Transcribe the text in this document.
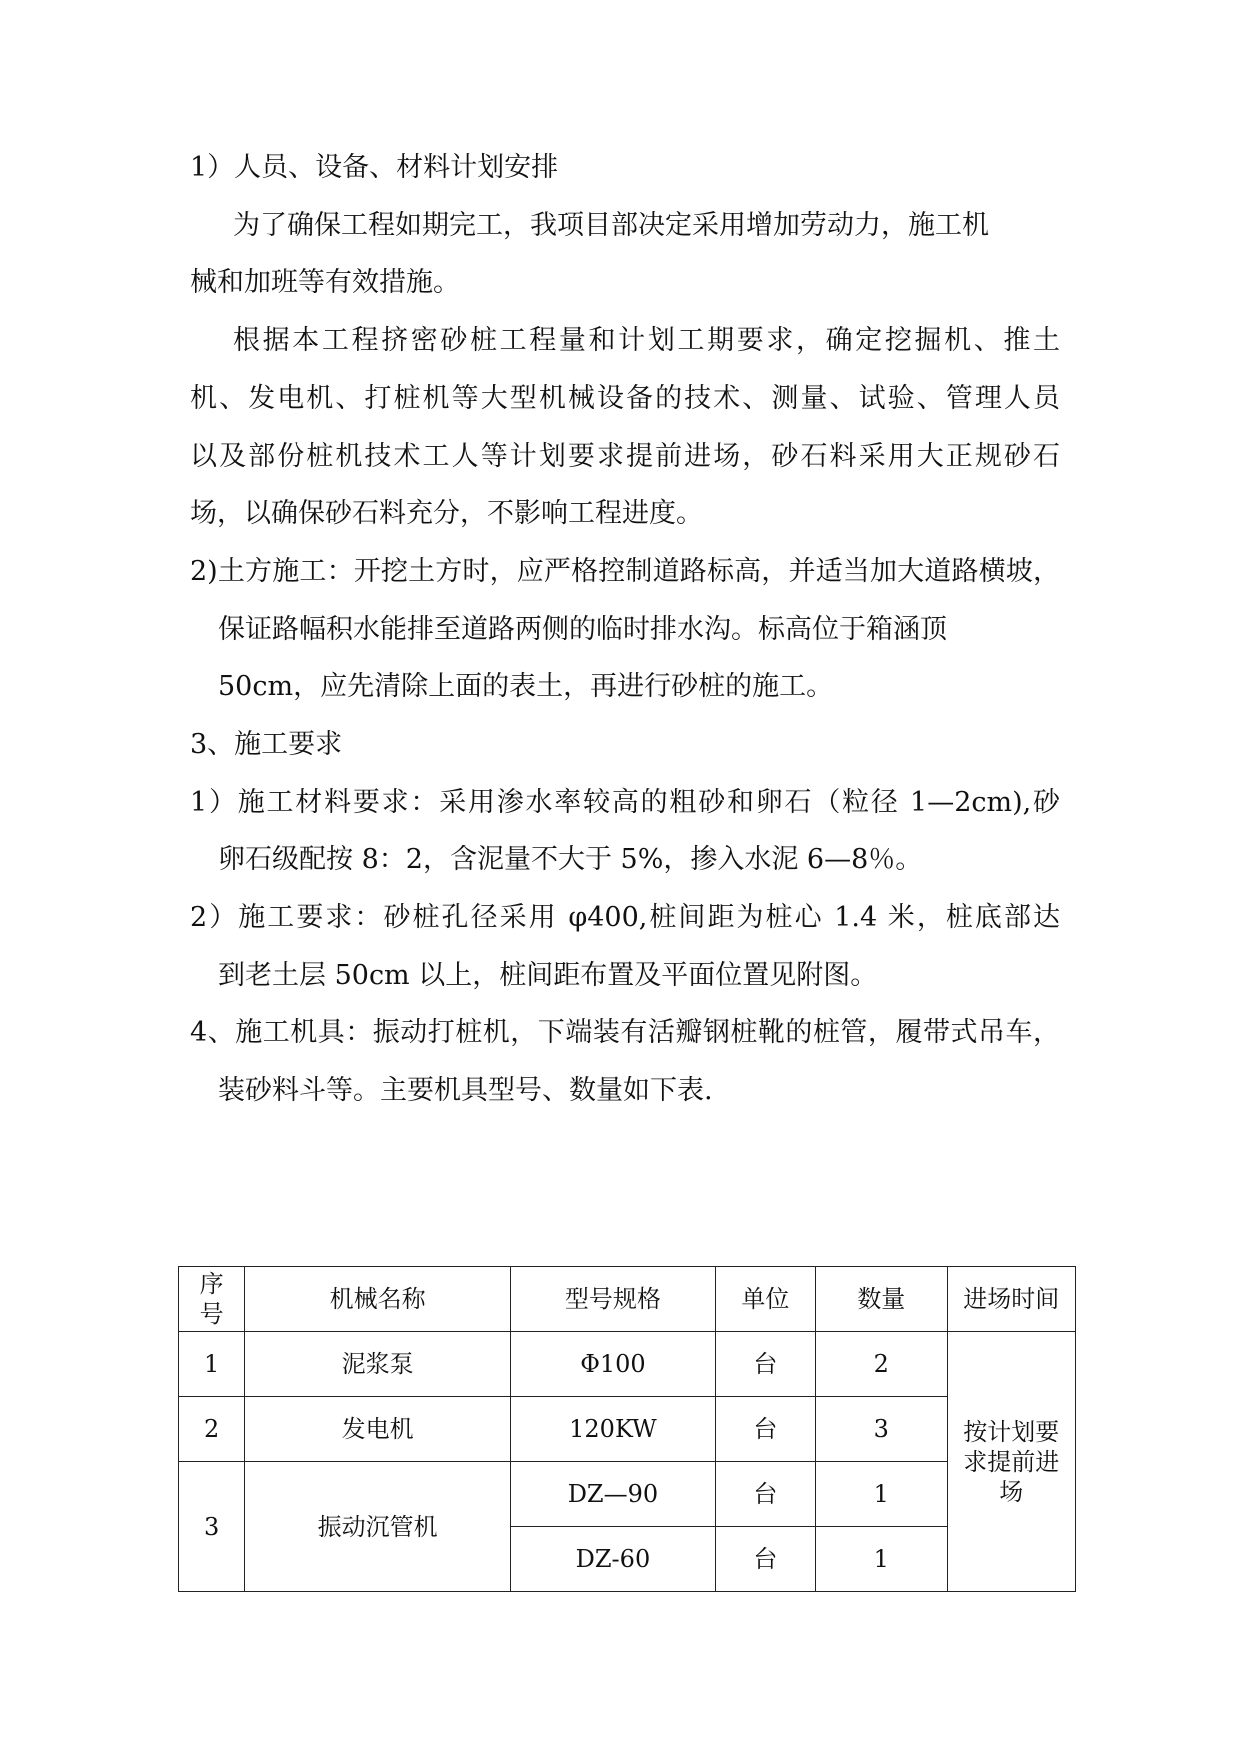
1）人员、设备、材料计划安排
为了确保工程如期完工，我项目部决定采用增加劳动力，施工机
械和加班等有效措施。
根据本工程挤密砂桩工程量和计划工期要求，确定挖掘机、推土
机、发电机、打桩机等大型机械设备的技术、测量、试验、管理人员
以及部份桩机技术工人等计划要求提前进场，砂石料采用大正规砂石
场，以确保砂石料充分，不影响工程进度。
2)土方施工：开挖土方时，应严格控制道路标高，并适当加大道路横坡，
保证路幅积水能排至道路两侧的临时排水沟。标高位于箱涵顶
50cm，应先清除上面的表土，再进行砂桩的施工。
3、施工要求
1）施工材料要求：采用渗水率较高的粗砂和卵石（粒径 1—2cm),砂
卵石级配按 8：2，含泥量不大于 5%，掺入水泥 6—8％。
2）施工要求：砂桩孔径采用 φ400,桩间距为桩心 1.4 米，桩底部达
到老土层 50cm 以上，桩间距布置及平面位置见附图。
4、施工机具：振动打桩机，下端装有活瓣钢桩靴的桩管，履带式吊车，
装砂料斗等。主要机具型号、数量如下表.
序号	机械名称	型号规格	单位	数量	进场时间
1	泥浆泵	Φ100	台	2	按计划要求提前进场
2	发电机	120KW	台	3	
3	振动沉管机	DZ—90	台	1	
		DZ-60	台	1	
